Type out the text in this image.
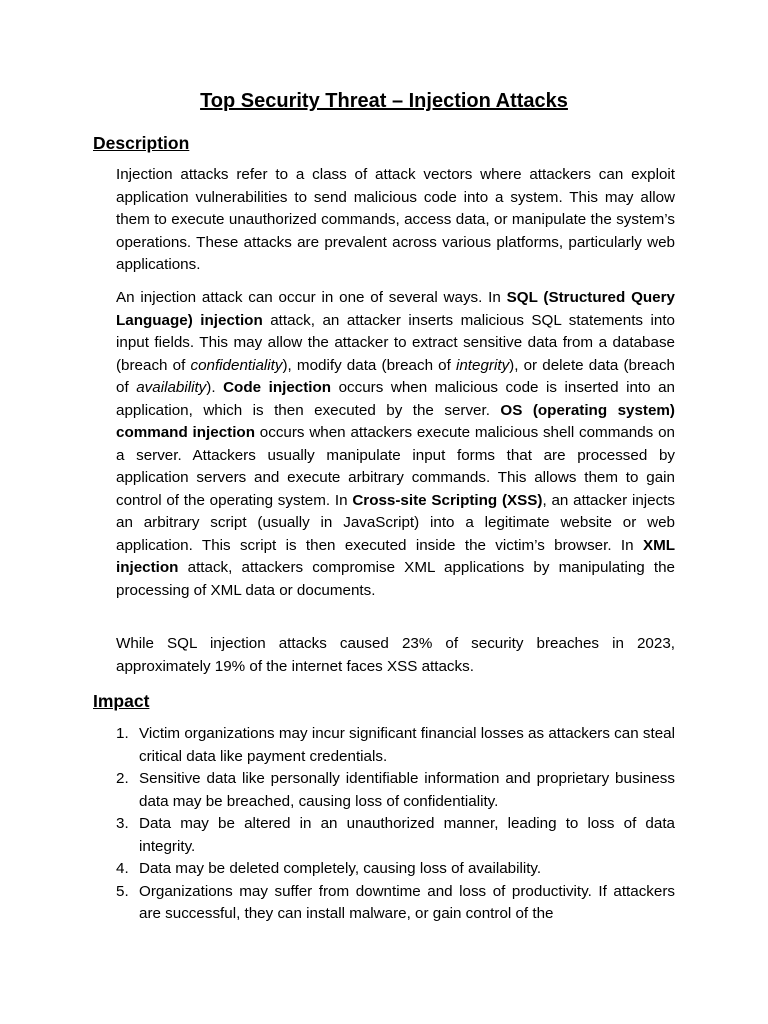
Top Security Threat – Injection Attacks
Description

Injection attacks refer to a class of attack vectors where attackers can exploit application vulnerabilities to send malicious code into a system. This may allow them to execute unauthorized commands, access data, or manipulate the system’s operations. These attacks are prevalent across various platforms, particularly web applications.

An injection attack can occur in one of several ways. In SQL (Structured Query Language) injection attack, an attacker inserts malicious SQL statements into input fields. This may allow the attacker to extract sensitive data from a database (breach of confidentiality), modify data (breach of integrity), or delete data (breach of availability). Code injection occurs when malicious code is inserted into an application, which is then executed by the server. OS (operating system) command injection occurs when attackers execute malicious shell commands on a server. Attackers usually manipulate input forms that are processed by application servers and execute arbitrary commands. This allows them to gain control of the operating system. In Cross-site Scripting (XSS), an attacker injects an arbitrary script (usually in JavaScript) into a legitimate website or web application. This script is then executed inside the victim’s browser. In XML injection attack, attackers compromise XML applications by manipulating the processing of XML data or documents.

While SQL injection attacks caused 23% of security breaches in 2023, approximately 19% of the internet faces XSS attacks.

Impact
1. Victim organizations may incur significant financial losses as attackers can steal critical data like payment credentials.
2. Sensitive data like personally identifiable information and proprietary business data may be breached, causing loss of confidentiality.
3. Data may be altered in an unauthorized manner, leading to loss of data integrity.
4. Data may be deleted completely, causing loss of availability.
5. Organizations may suffer from downtime and loss of productivity. If attackers are successful, they can install malware, or gain control of the
